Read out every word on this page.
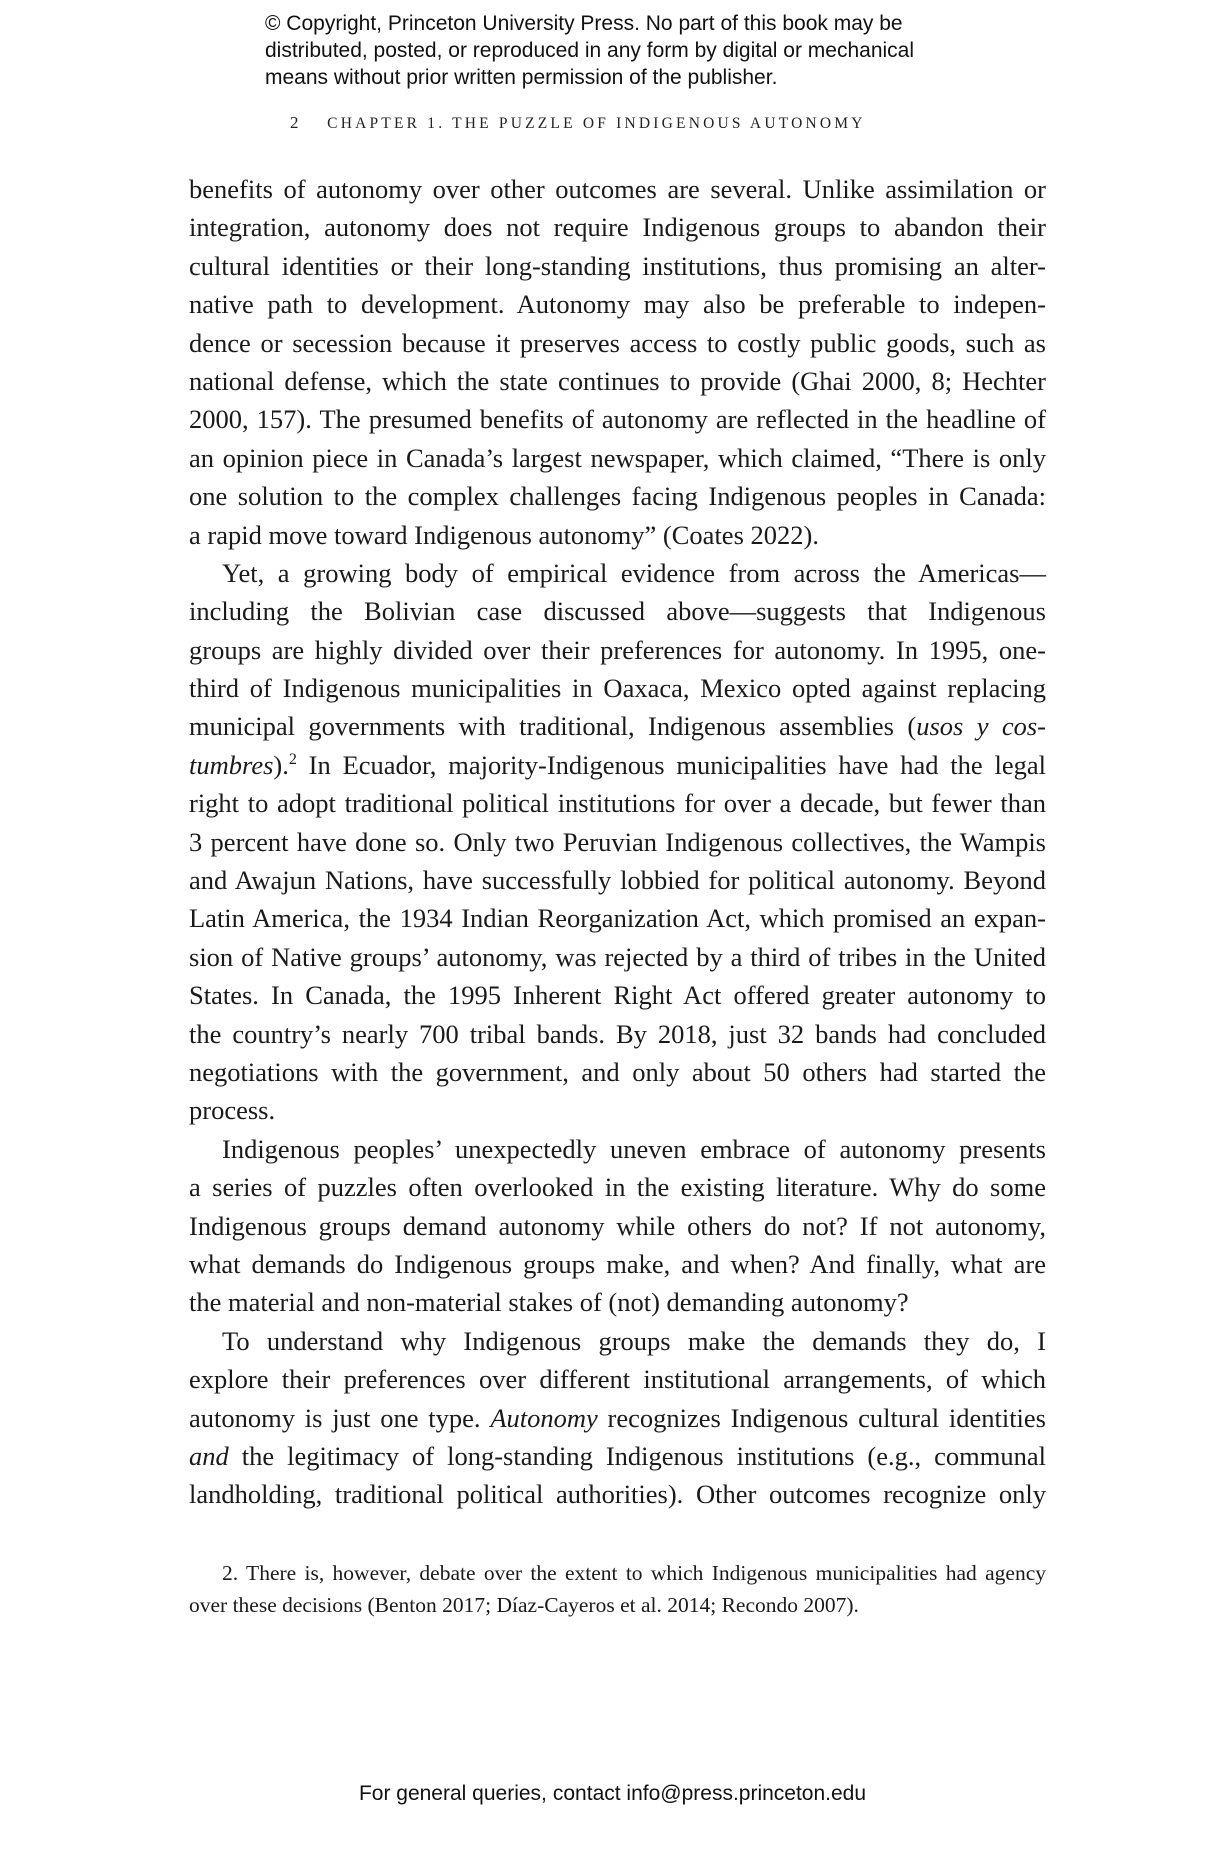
© Copyright, Princeton University Press. No part of this book may be
distributed, posted, or reproduced in any form by digital or mechanical
means without prior written permission of the publisher.
2 CHAPTER 1. THE PUZZLE OF INDIGENOUS AUTONOMY
benefits of autonomy over other outcomes are several. Unlike assimilation or
integration, autonomy does not require Indigenous groups to abandon their
cultural identities or their long-standing institutions, thus promising an alter-
native path to development. Autonomy may also be preferable to indepen-
dence or secession because it preserves access to costly public goods, such as
national defense, which the state continues to provide (Ghai 2000, 8; Hechter
2000, 157). The presumed benefits of autonomy are reflected in the headline of
an opinion piece in Canada’s largest newspaper, which claimed, “There is only
one solution to the complex challenges facing Indigenous peoples in Canada:
a rapid move toward Indigenous autonomy” (Coates 2022).
Yet, a growing body of empirical evidence from across the Americas—
including the Bolivian case discussed above—suggests that Indigenous
groups are highly divided over their preferences for autonomy. In 1995, one-
third of Indigenous municipalities in Oaxaca, Mexico opted against replacing
municipal governments with traditional, Indigenous assemblies (usos y cos-
tumbres).$^2$ In Ecuador, majority-Indigenous municipalities have had the legal
right to adopt traditional political institutions for over a decade, but fewer than
3 percent have done so. Only two Peruvian Indigenous collectives, the Wampis
and Awajun Nations, have successfully lobbied for political autonomy. Beyond
Latin America, the 1934 Indian Reorganization Act, which promised an expan-
sion of Native groups’ autonomy, was rejected by a third of tribes in the United
States. In Canada, the 1995 Inherent Right Act offered greater autonomy to
the country’s nearly 700 tribal bands. By 2018, just 32 bands had concluded
negotiations with the government, and only about 50 others had started the
process.
Indigenous peoples’ unexpectedly uneven embrace of autonomy presents
a series of puzzles often overlooked in the existing literature. Why do some
Indigenous groups demand autonomy while others do not? If not autonomy,
what demands do Indigenous groups make, and when? And finally, what are
the material and non-material stakes of (not) demanding autonomy?
To understand why Indigenous groups make the demands they do, I
explore their preferences over different institutional arrangements, of which
autonomy is just one type. Autonomy recognizes Indigenous cultural identities
and the legitimacy of long-standing Indigenous institutions (e.g., communal
landholding, traditional political authorities). Other outcomes recognize only
2. There is, however, debate over the extent to which Indigenous municipalities had agency
over these decisions (Benton 2017; Díaz-Cayeros et al. 2014; Recondo 2007).
For general queries, contact info@press.princeton.edu
